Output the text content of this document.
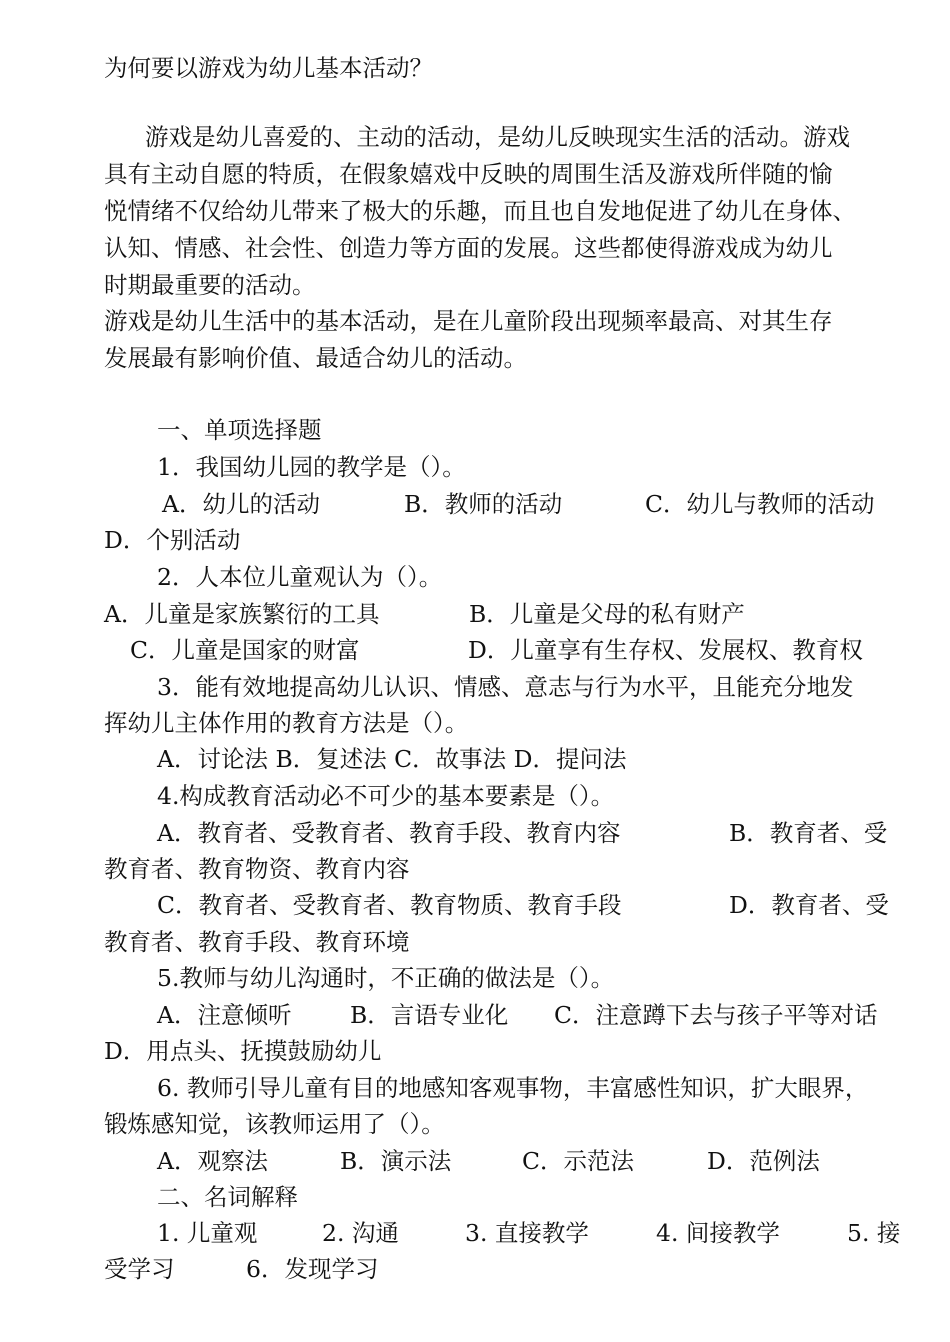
为何要以游戏为幼儿基本活动？
游戏是幼儿喜爱的、主动的活动，是幼儿反映现实生活的活动。游戏
具有主动自愿的特质，在假象嬉戏中反映的周围生活及游戏所伴随的愉
悦情绪不仅给幼儿带来了极大的乐趣，而且也自发地促进了幼儿在身体、
认知、情感、社会性、创造力等方面的发展。这些都使得游戏成为幼儿
时期最重要的活动。
游戏是幼儿生活中的基本活动，是在儿童阶段出现频率最高、对其生存
发展最有影响价值、最适合幼儿的活动。
一、单项选择题
1．我国幼儿园的教学是（）。
A．幼儿的活动	B．教师的活动	C．幼儿与教师的活动
D．个别活动
2．人本位儿童观认为（）。
A．儿童是家族繁衍的工具	B．儿童是父母的私有财产
C．儿童是国家的财富	D．儿童享有生存权、发展权、教育权
3．能有效地提高幼儿认识、情感、意志与行为水平，且能充分地发
挥幼儿主体作用的教育方法是（）。
A．讨论法 B．复述法 C．故事法 D．提问法
4.构成教育活动必不可少的基本要素是（）。
A．教育者、受教育者、教育手段、教育内容	B．教育者、受
教育者、教育物资、教育内容
C．教育者、受教育者、教育物质、教育手段	D．教育者、受
教育者、教育手段、教育环境
5.教师与幼儿沟通时，不正确的做法是（）。
A．注意倾听 B．言语专业化 C．注意蹲下去与孩子平等对话
D．用点头、抚摸鼓励幼儿
6. 教师引导儿童有目的地感知客观事物，丰富感性知识，扩大眼界，
锻炼感知觉，该教师运用了（）。
A．观察法	B．演示法	C．示范法	D．范例法
二、名词解释
1. 儿童观	2. 沟通	3. 直接教学	4. 间接教学	5. 接
受学习	6．发现学习
